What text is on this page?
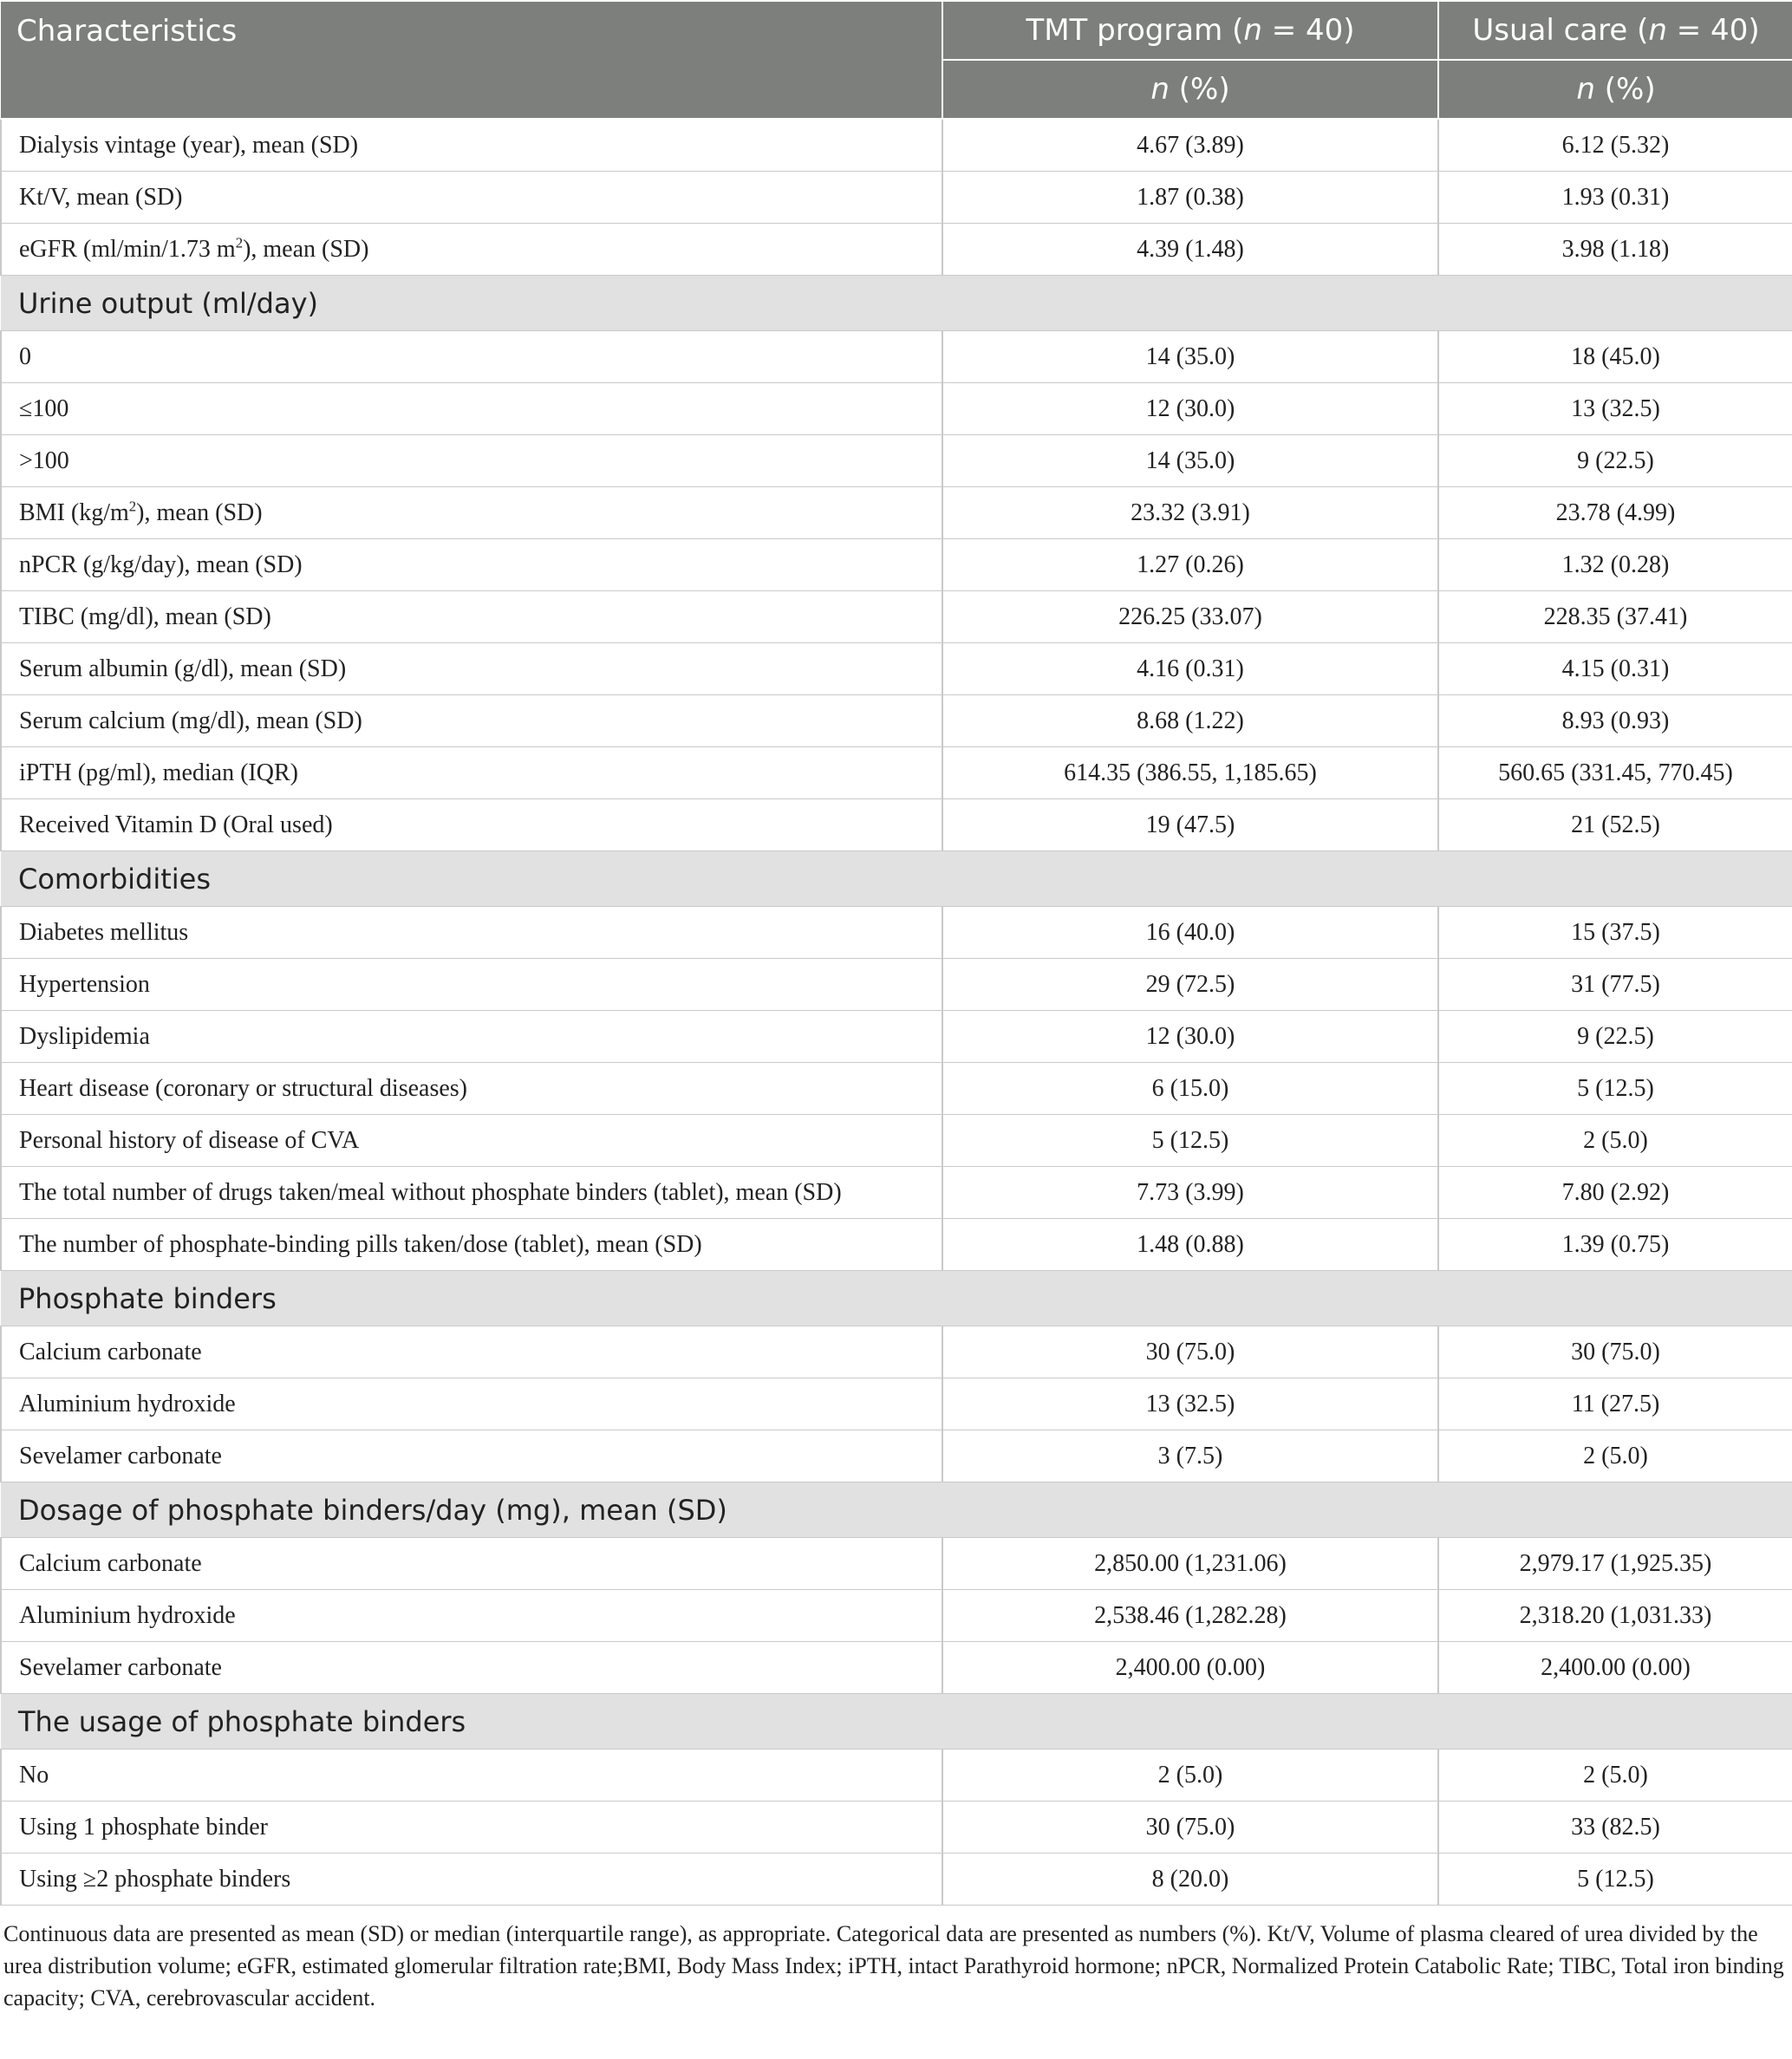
Characteristics	TMT program (n = 40)	Usual care (n = 40)
	n (%)	n (%)
Dialysis vintage (year), mean (SD)	4.67 (3.89)	6.12 (5.32)
Kt/V, mean (SD)	1.87 (0.38)	1.93 (0.31)
eGFR (ml/min/1.73 $m^2$), mean (SD)	4.39 (1.48)	3.98 (1.18)
Urine output (ml/day)		
0	14 (35.0)	18 (45.0)
≤100	12 (30.0)	13 (32.5)
>100	14 (35.0)	9 (22.5)
BMI $(kg/m^2)$, mean (SD)	23.32 (3.91)	23.78 (4.99)
nPCR (g/kg/day), mean (SD)	1.27 (0.26)	1.32 (0.28)
TIBC (mg/dl), mean (SD)	226.25 (33.07)	228.35 (37.41)
Serum albumin (g/dl), mean (SD)	4.16 (0.31)	4.15 (0.31)
Serum calcium (mg/dl), mean (SD)	8.68 (1.22)	8.93 (0.93)
iPTH (pg/ml), median (IQR)	614.35 (386.55, 1,185.65)	560.65 (331.45, 770.45)
Received Vitamin D (Oral used)	19 (47.5)	21 (52.5)
Comorbidities		
Diabetes mellitus	16 (40.0)	15 (37.5)
Hypertension	29 (72.5)	31 (77.5)
Dyslipidemia	12 (30.0)	9 (22.5)
Heart disease (coronary or structural diseases)	6 (15.0)	5 (12.5)
Personal history of disease of CVA	5 (12.5)	2 (5.0)
The total number of drugs taken/meal without phosphate binders (tablet), mean (SD)	7.73 (3.99)	7.80 (2.92)
The number of phosphate-binding pills taken/dose (tablet), mean (SD)	1.48 (0.88)	1.39 (0.75)
Phosphate binders		
Calcium carbonate	30 (75.0)	30 (75.0)
Aluminium hydroxide	13 (32.5)	11 (27.5)
Sevelamer carbonate	3 (7.5)	2 (5.0)
Dosage of phosphate binders/day (mg), mean (SD)		
Calcium carbonate	2,850.00 (1,231.06)	2,979.17 (1,925.35)
Aluminium hydroxide	2,538.46 (1,282.28)	2,318.20 (1,031.33)
Sevelamer carbonate	2,400.00 (0.00)	2,400.00 (0.00)
The usage of phosphate binders		
No	2 (5.0)	2 (5.0)
Using 1 phosphate binder	30 (75.0)	33 (82.5)
Using ≥2 phosphate binders	8 (20.0)	5 (12.5)
Continuous data are presented as mean (SD) or median (interquartile range), as appropriate. Categorical data are presented as numbers (%). Kt/V, Volume of plasma cleared of urea divided by the urea distribution volume; eGFR, estimated glomerular filtration rate;BMI, Body Mass Index; iPTH, intact Parathyroid hormone; nPCR, Normalized Protein Catabolic Rate; TIBC, Total iron binding capacity; CVA, cerebrovascular accident.
